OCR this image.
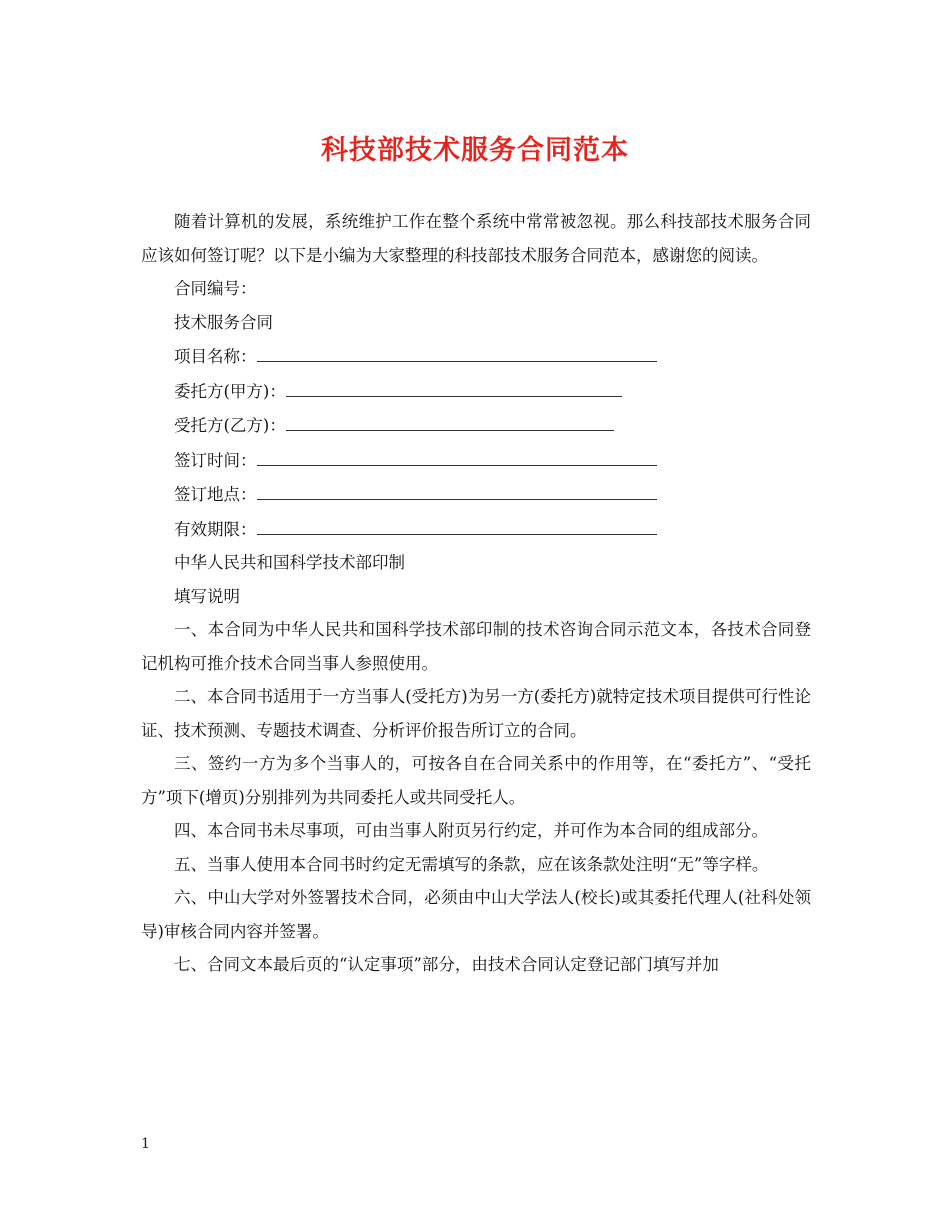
科技部技术服务合同范本

随着计算机的发展，系统维护工作在整个系统中常常被忽视。那么科技部技术服务合同应该如何签订呢？以下是小编为大家整理的科技部技术服务合同范本，感谢您的阅读。

合同编号：

技术服务合同

项目名称：

委托方(甲方)：

受托方(乙方)：

签订时间：

签订地点：

有效期限：

中华人民共和国科学技术部印制

填写说明

一、本合同为中华人民共和国科学技术部印制的技术咨询合同示范文本，各技术合同登记机构可推介技术合同当事人参照使用。

二、本合同书适用于一方当事人(受托方)为另一方(委托方)就特定技术项目提供可行性论证、技术预测、专题技术调查、分析评价报告所订立的合同。

三、签约一方为多个当事人的，可按各自在合同关系中的作用等，在“委托方”、“受托方”项下(增页)分别排列为共同委托人或共同受托人。

四、本合同书未尽事项，可由当事人附页另行约定，并可作为本合同的组成部分。

五、当事人使用本合同书时约定无需填写的条款，应在该条款处注明“无”等字样。

六、中山大学对外签署技术合同，必须由中山大学法人(校长)或其委托代理人(社科处领导)审核合同内容并签署。

七、合同文本最后页的“认定事项”部分，由技术合同认定登记部门填写并加

1
